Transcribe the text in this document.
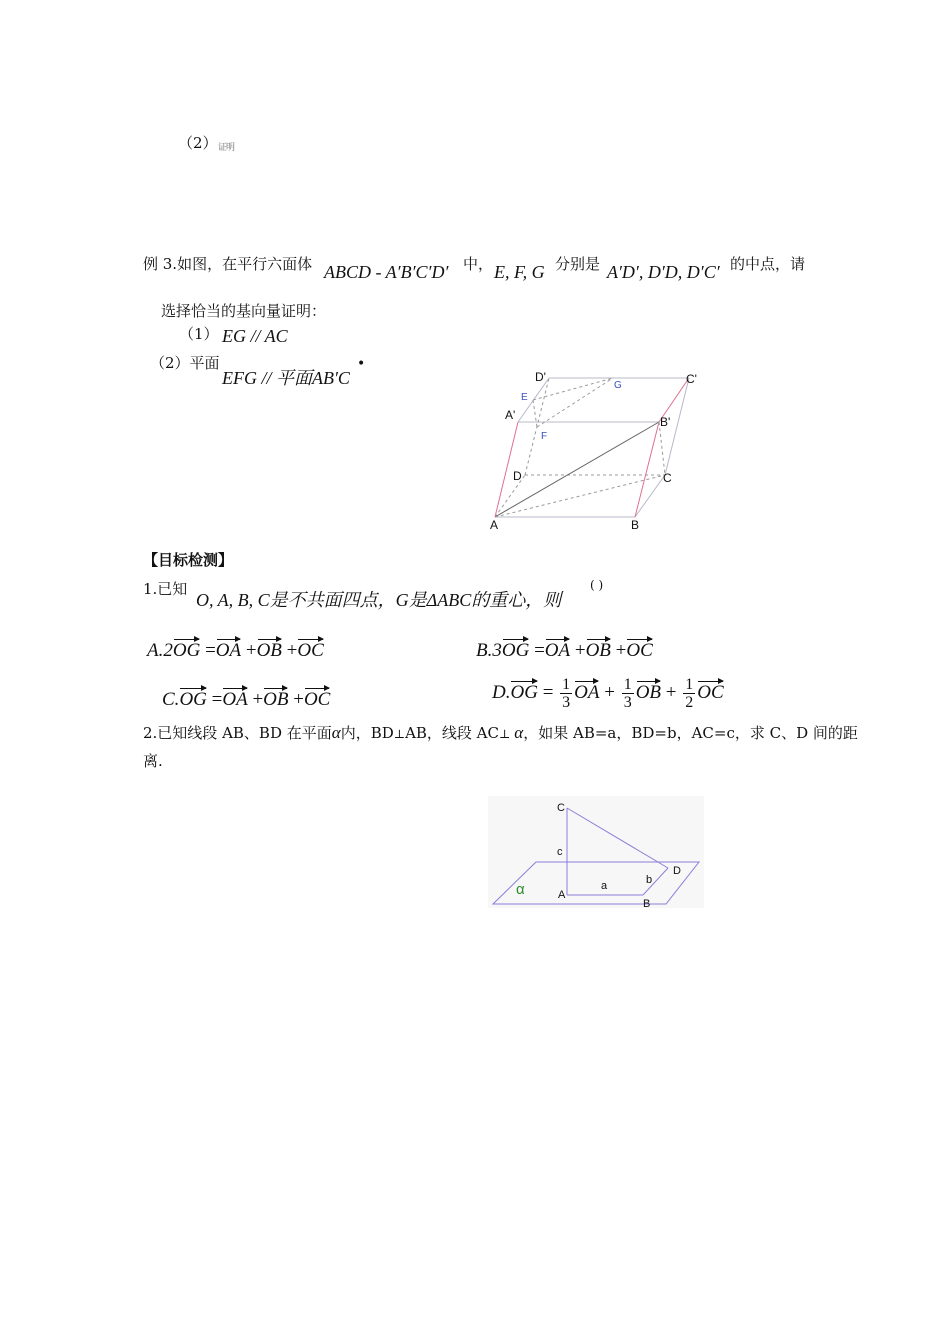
（2） 证明
例 3.如图，在平行六面体 ABCD - A′B′C′D′ 中， E, F, G 分别是 A′D′, D′D, D′C′ 的中点，请
选择恰当的基向量证明：
（1） EG // AC
（2）平面
EFG // 平面AB′C
•
D'
G	C'
E
A'
F
B'
D	C
A	B
【目标检测】
1.已知
O, A, B, C是不共面四点，G是ΔABC的重心，则
( )
A.2OG =OA +OB +OC	B.3OG =OA +OB +OC
C.OG =OA +OB +OC	$D.OG = \frac{1}{3}$ OA + $\frac{1}{3}$ OB + $\frac{1}{2}$ OC
2.已知线段 AB、BD 在平面α内，BD⊥AB，线段 AC⊥ α，如果 AB=a，BD=b，AC=c，求 C、D 间的距
离.
C
c
D
b
a
A
B
α
